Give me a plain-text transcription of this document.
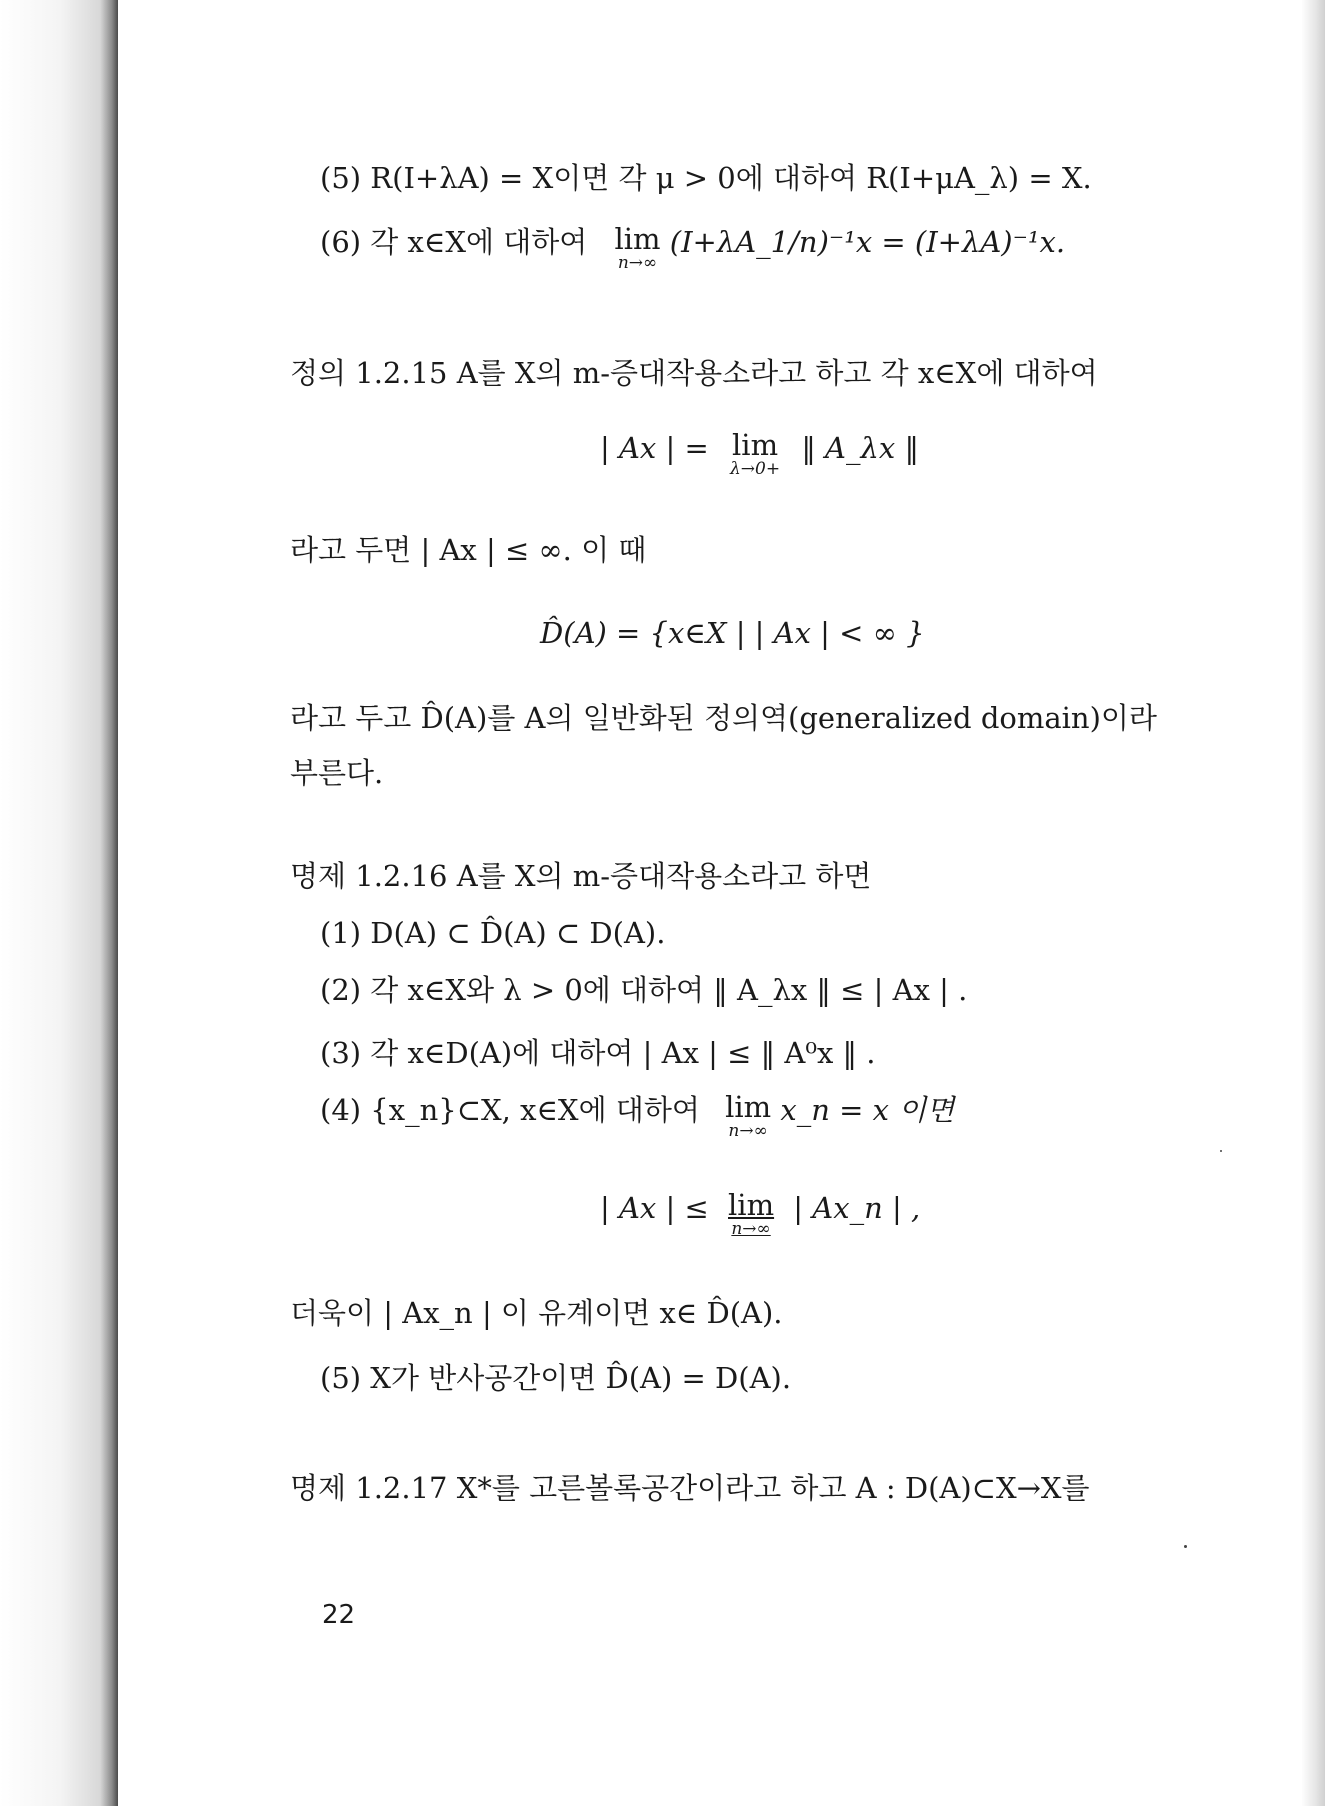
(5) R(I+λA) = X이면 각 μ > 0에 대하여 R(I+μA_λ) = X.
(6) 각 x∈X에 대하여 lim
n→∞
(I+λA_1/n)⁻¹x = (I+λA)⁻¹x.
정의 1.2.15 A를 X의 m-증대작용소라고 하고 각 x∈X에 대하여
| Ax | = lim
λ→0+
‖ A_λx ‖
라고 두면 | Ax | ≤ ∞. 이 때
D̂(A) = {x∈X | | Ax | < ∞ }
라고 두고 D̂(A)를 A의 일반화된 정의역(generalized domain)이라
부른다.
명제 1.2.16 A를 X의 m-증대작용소라고 하면
(1) D(A) ⊂ D̂(A) ⊂ D(A).
(2) 각 x∈X와 λ > 0에 대하여 ‖ A_λx ‖ ≤ | Ax | .
(3) 각 x∈D(A)에 대하여 | Ax | ≤ ‖ A⁰x ‖ .
(4) {x_n}⊂X, x∈X에 대하여 lim
n→∞
x_n = x 이면
| Ax | ≤ lim
n→∞
| Ax_n | ,
더욱이 | Ax_n | 이 유계이면 x∈ D̂(A).
(5) X가 반사공간이면 D̂(A) = D(A).
명제 1.2.17 X*를 고른볼록공간이라고 하고 A : D(A)⊂X→X를
22
